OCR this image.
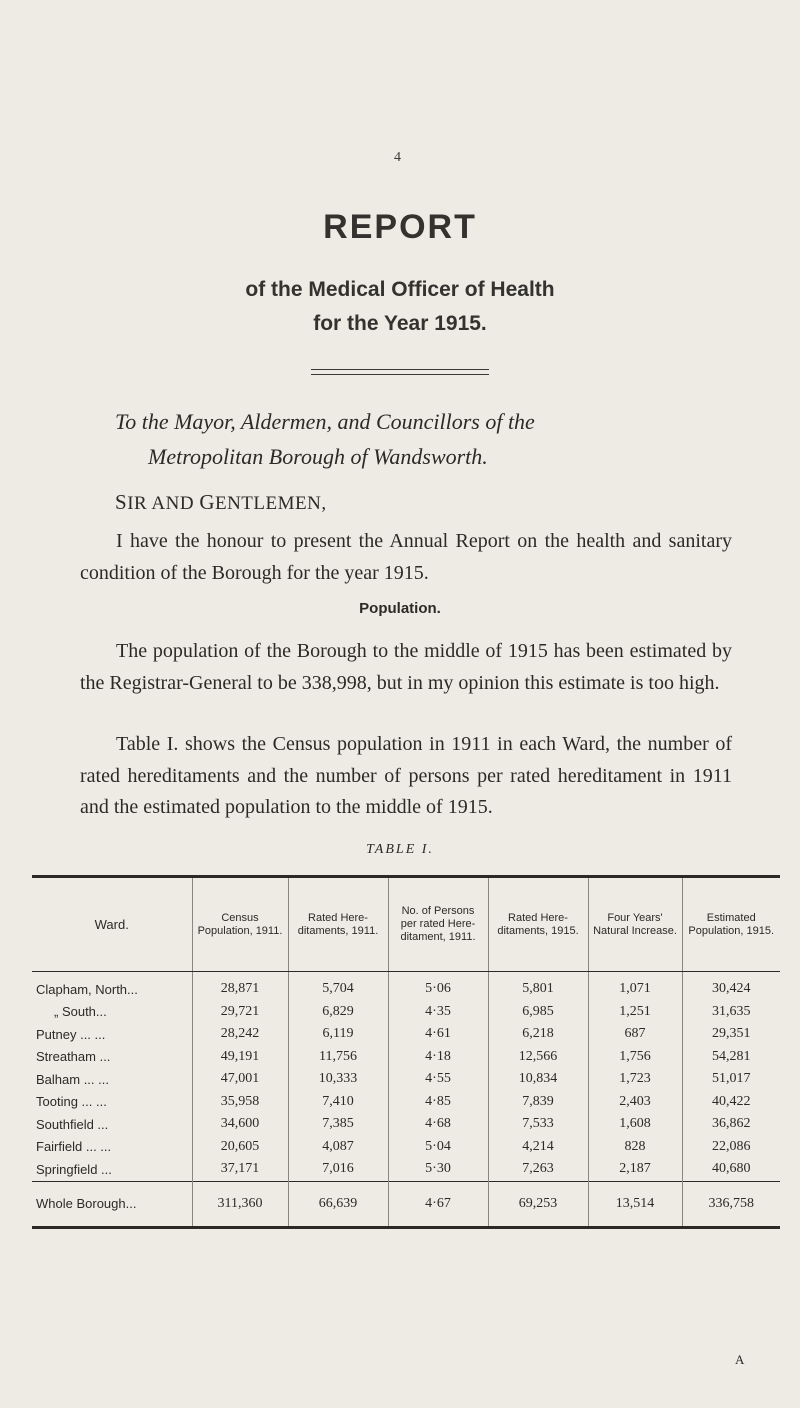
4
REPORT
of the Medical Officer of Health
for the Year 1915.
To the Mayor, Aldermen, and Councillors of the
Metropolitan Borough of Wandsworth.
SIR AND GENTLEMEN,
I have the honour to present the Annual Report on the health and sanitary condition of the Borough for the year 1915.
Population.
The population of the Borough to the middle of 1915 has been estimated by the Registrar-General to be 338,998, but in my opinion this estimate is too high.
Table I. shows the Census population in 1911 in each Ward, the number of rated hereditaments and the number of persons per rated hereditament in 1911 and the estimated population to the middle of 1915.
TABLE I.
Ward.	Census Population, 1911.	Rated Here-ditaments, 1911.	No. of Persons per rated Here-ditament, 1911.	Rated Here-ditaments, 1915.	Four Years' Natural Increase.	Estimated Population, 1915.
Clapham, North...	28,871	5,704	5·06	5,801	1,071	30,424
„ South...	29,721	6,829	4·35	6,985	1,251	31,635
Putney ... ...	28,242	6,119	4·61	6,218	687	29,351
Streatham ...	49,191	11,756	4·18	12,566	1,756	54,281
Balham ... ...	47,001	10,333	4·55	10,834	1,723	51,017
Tooting ... ...	35,958	7,410	4·85	7,839	2,403	40,422
Southfield ...	34,600	7,385	4·68	7,533	1,608	36,862
Fairfield ... ...	20,605	4,087	5·04	4,214	828	22,086
Springfield ...	37,171	7,016	5·30	7,263	2,187	40,680
Whole Borough...	311,360	66,639	4·67	69,253	13,514	336,758
A
